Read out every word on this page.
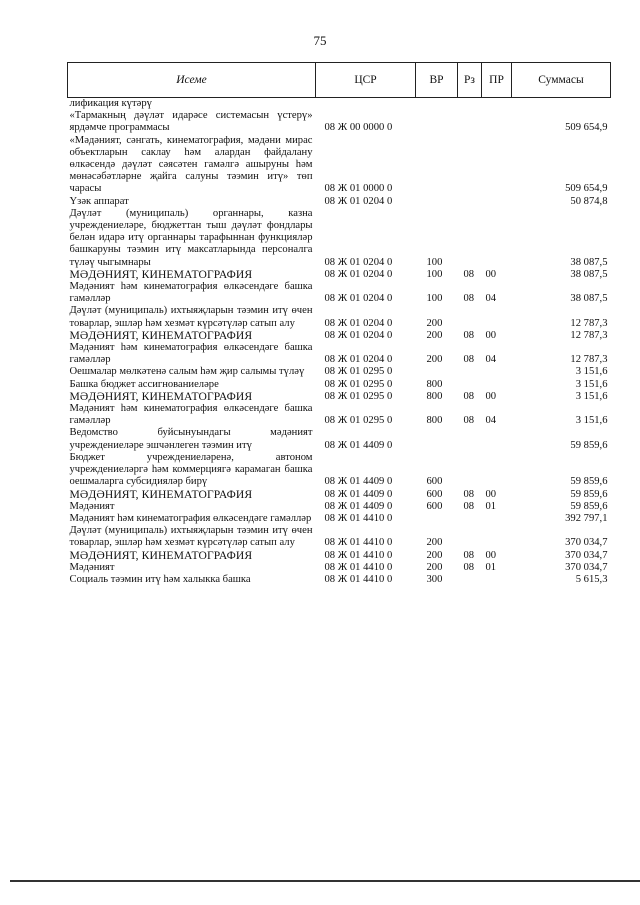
75
Исеме	ЦСР	ВР	Рз	ПР	Суммасы
лификация күтәрү					
«Тармакның дәүләт идарәсе системасын үстерү» ярдәмче программасы	08 Ж 00 0000 0				509 654,9
«Мәдәният, сәнгать, кинематография, мәдәни мирас объектларын саклау һәм алардан файдалану өлкәсендә дәүләт сәясәтен гамәлгә ашыруны һәм мөнәсәбәтләрне җайга салуны тәэмин итү» төп чарасы	08 Ж 01 0000 0				509 654,9
Үзәк аппарат	08 Ж 01 0204 0				50 874,8
Дәүләт (муниципаль) органнары, казна учреждениеләре, бюджеттан тыш дәүләт фондлары белән идарә итү органнары тарафыннан функцияләр башкаруны тәэмин итү максатларында персоналга түләү чыгымнары	08 Ж 01 0204 0	100			38 087,5
МӘДӘНИЯТ, КИНЕМАТОГРАФИЯ	08 Ж 01 0204 0	100	08	00	38 087,5
Мәдәният һәм кинематография өлкәсендәге башка гамәлләр	08 Ж 01 0204 0	100	08	04	38 087,5
Дәүләт (муниципаль) ихтыяҗларын тәэмин итү өчен товарлар, эшләр һәм хезмәт күрсәтүләр сатып алу	08 Ж 01 0204 0	200			12 787,3
МӘДӘНИЯТ, КИНЕМАТОГРАФИЯ	08 Ж 01 0204 0	200	08	00	12 787,3
Мәдәният һәм кинематография өлкәсендәге башка гамәлләр	08 Ж 01 0204 0	200	08	04	12 787,3
Оешмалар мөлкәтенә салым һәм җир салымы түләү	08 Ж 01 0295 0				3 151,6
Башка бюджет ассигнованиеләре	08 Ж 01 0295 0	800			3 151,6
МӘДӘНИЯТ, КИНЕМАТОГРАФИЯ	08 Ж 01 0295 0	800	08	00	3 151,6
Мәдәният һәм кинематография өлкәсендәге башка гамәлләр	08 Ж 01 0295 0	800	08	04	3 151,6
Ведомство буйсынуындагы мәдәният учреждениеләре эшчәнлеген тәэмин итү	08 Ж 01 4409 0				59 859,6
Бюджет учреждениеләренә, автоном учреждениеләргә һәм коммерциягә карамаган башка оешмаларга субсидияләр бирү	08 Ж 01 4409 0	600			59 859,6
МӘДӘНИЯТ, КИНЕМАТОГРАФИЯ	08 Ж 01 4409 0	600	08	00	59 859,6
Мәдәният	08 Ж 01 4409 0	600	08	01	59 859,6
Мәдәният һәм кинематография өлкәсендәге гамәлләр	08 Ж 01 4410 0				392 797,1
Дәүләт (муниципаль) ихтыяҗларын тәэмин итү өчен товарлар, эшләр һәм хезмәт күрсәтүләр сатып алу	08 Ж 01 4410 0	200			370 034,7
МӘДӘНИЯТ, КИНЕМАТОГРАФИЯ	08 Ж 01 4410 0	200	08	00	370 034,7
Мәдәният	08 Ж 01 4410 0	200	08	01	370 034,7
Социаль тәэмин итү һәм халыкка башка	08 Ж 01 4410 0	300			5 615,3
